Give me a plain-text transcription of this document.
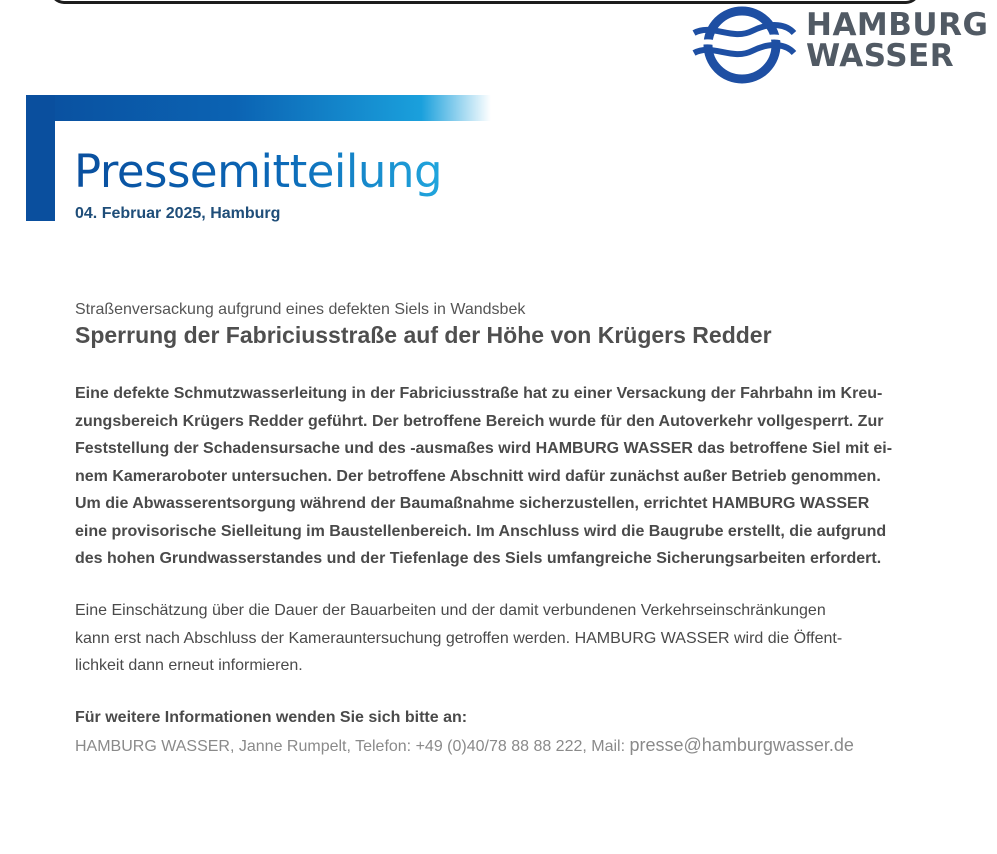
HAMBURG
WASSER
Pressemitteilung
04. Februar 2025, Hamburg
Straßenversackung aufgrund eines defekten Siels in Wandsbek
Sperrung der Fabriciusstraße auf der Höhe von Krügers Redder

Eine defekte Schmutzwasserleitung in der Fabriciusstraße hat zu einer Versackung der Fahrbahn im Kreu-
zungsbereich Krügers Redder geführt. Der betroffene Bereich wurde für den Autoverkehr vollgesperrt. Zur
Feststellung der Schadensursache und des -ausmaßes wird HAMBURG WASSER das betroffene Siel mit ei-
nem Kameraroboter untersuchen. Der betroffene Abschnitt wird dafür zunächst außer Betrieb genommen.
Um die Abwasserentsorgung während der Baumaßnahme sicherzustellen, errichtet HAMBURG WASSER
eine provisorische Sielleitung im Baustellenbereich. Im Anschluss wird die Baugrube erstellt, die aufgrund
des hohen Grundwasserstandes und der Tiefenlage des Siels umfangreiche Sicherungsarbeiten erfordert.

Eine Einschätzung über die Dauer der Bauarbeiten und der damit verbundenen Verkehrseinschränkungen
kann erst nach Abschluss der Kamerauntersuchung getroffen werden. HAMBURG WASSER wird die Öffent-
lichkeit dann erneut informieren.

Für weitere Informationen wenden Sie sich bitte an:
HAMBURG WASSER, Janne Rumpelt, Telefon: +49 (0)40/78 88 88 222, Mail: presse@hamburgwasser.de
